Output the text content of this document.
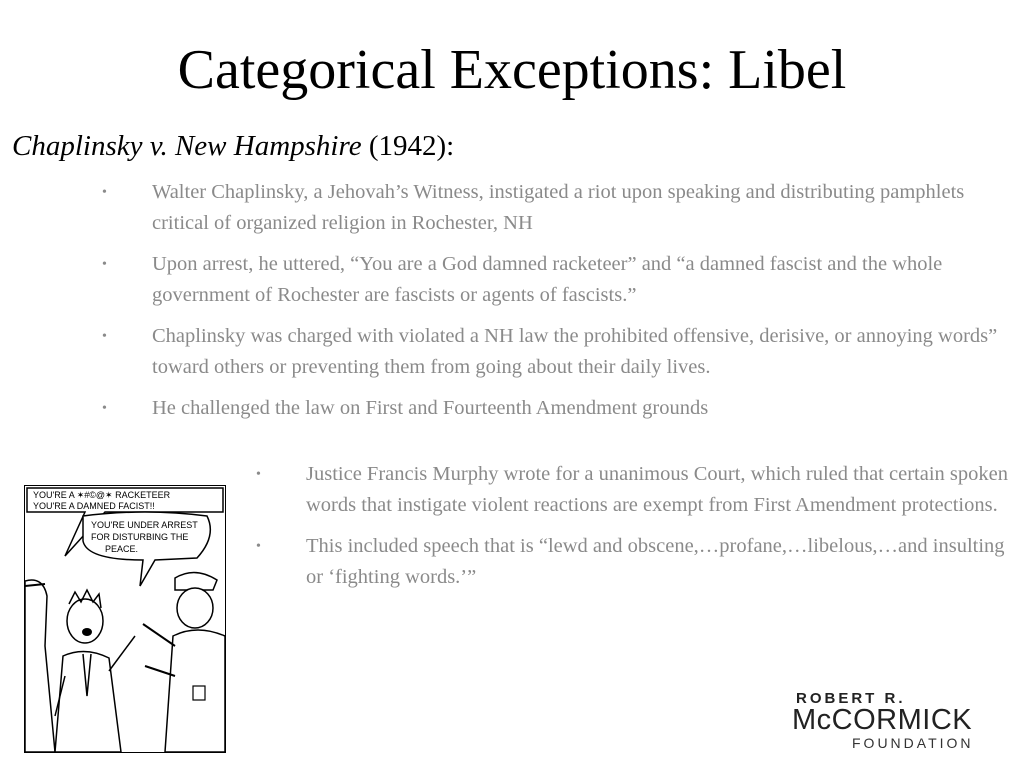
Categorical Exceptions: Libel
Chaplinsky v. New Hampshire (1942):
• Walter Chaplinsky, a Jehovah’s Witness, instigated a riot upon speaking and distributing pamphlets critical of organized religion in Rochester, NH
• Upon arrest, he uttered, “You are a God damned racketeer” and “a damned fascist and the whole government of Rochester are fascists or agents of fascists.”
• Chaplinsky was charged with violated a NH law the prohibited offensive, derisive, or annoying words” toward others or preventing them from going about their daily lives.
• He challenged the law on First and Fourteenth Amendment grounds
• Justice Francis Murphy wrote for a unanimous Court, which ruled that certain spoken words that instigate violent reactions are exempt from First Amendment protections.
• This included speech that is “lewd and obscene,…profane,…libelous,…and insulting or ‘fighting words.’”
YOU'RE A ✶#©@✶ RACKETEER
YOU'RE A DAMNED FACIST!!
YOU'RE UNDER ARREST
FOR DISTURBING THE
PEACE.
ROBERT R.
McCORMICK
FOUNDATION
